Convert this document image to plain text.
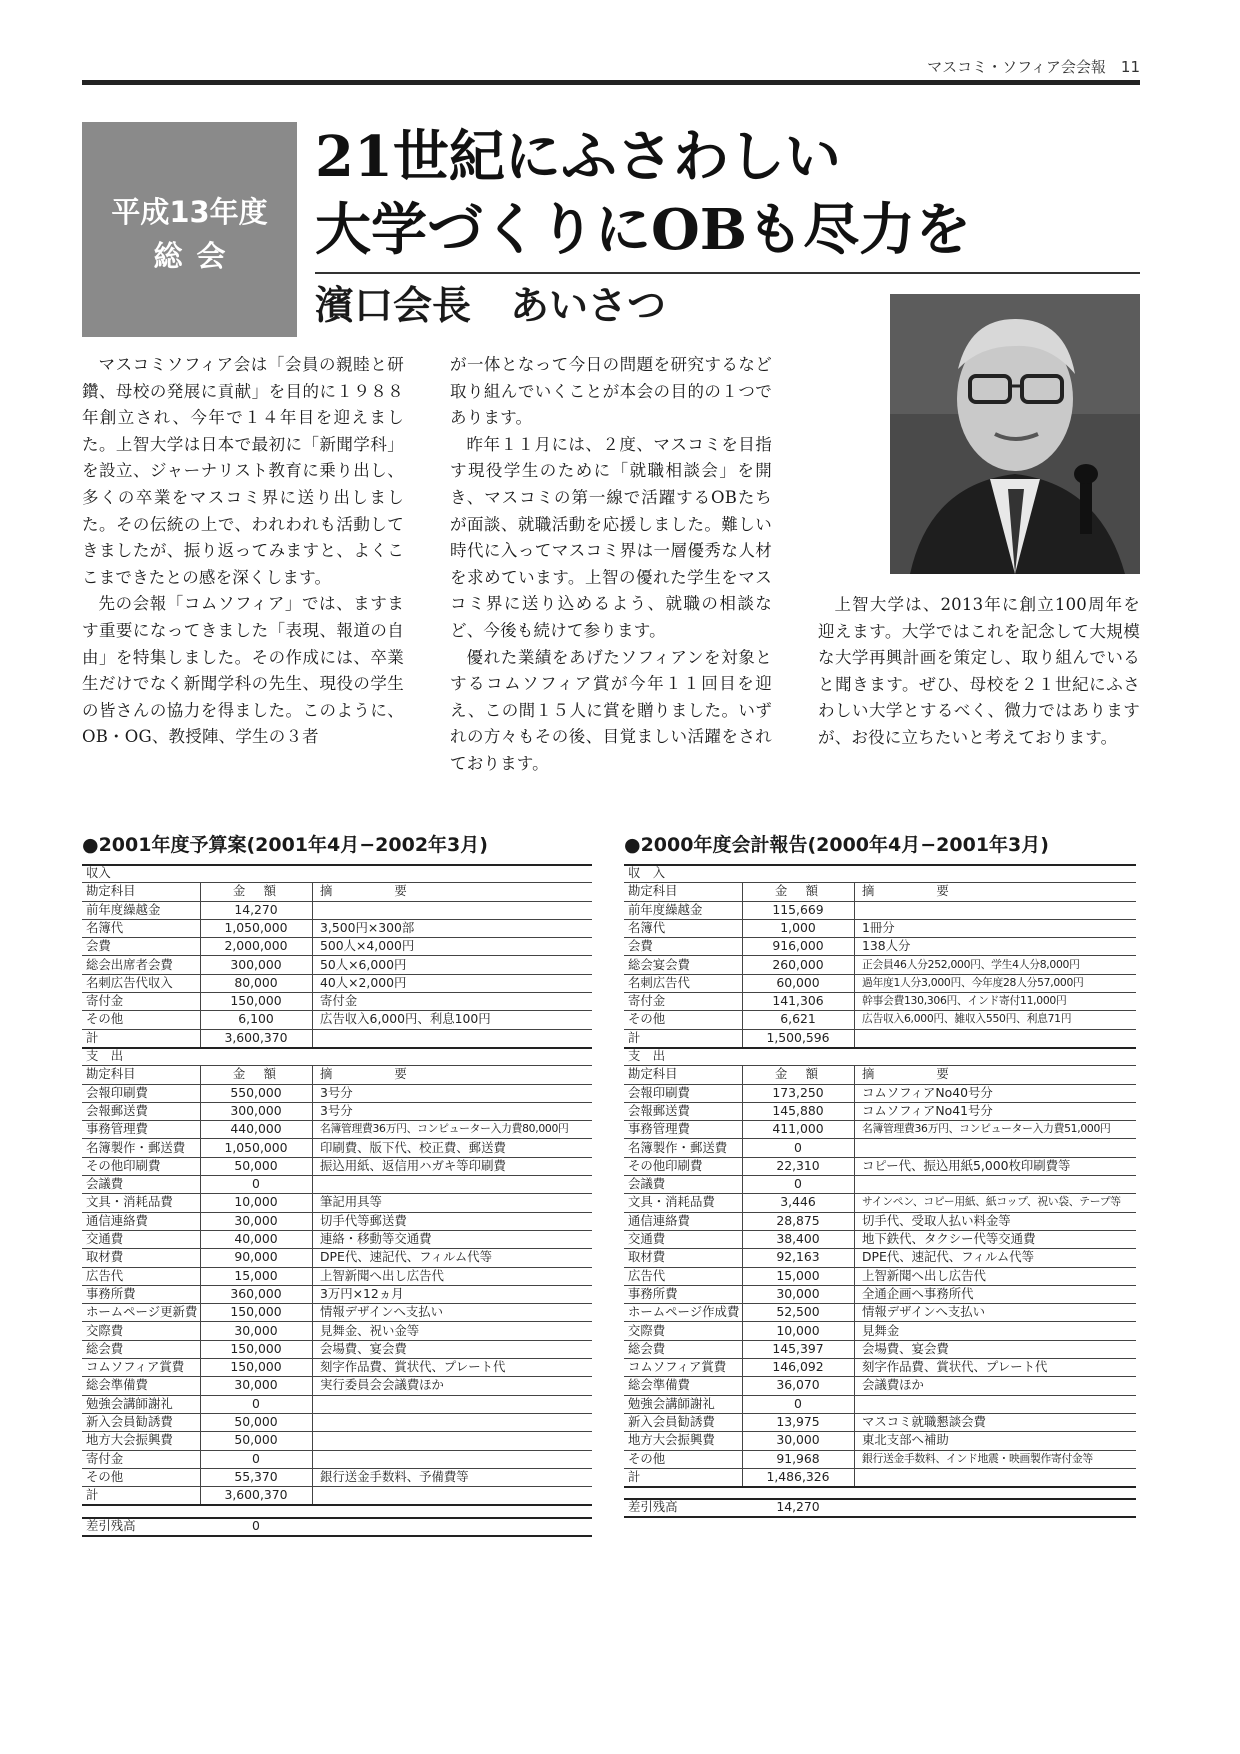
マスコミ・ソフィア会会報　11
平成13年度
総会
21世紀にふさわしい
大学づくりにOBも尽力を
濱口会長　あいさつ

マスコミソフィア会は「会員の親睦と研鑽、母校の発展に貢献」を目的に１９８８年創立され、今年で１４年目を迎えました。上智大学は日本で最初に「新聞学科」を設立、ジャーナリスト教育に乗り出し、多くの卒業をマスコミ界に送り出しました。その伝統の上で、われわれも活動してきましたが、振り返ってみますと、よくここまできたとの感を深くします。

先の会報「コムソフィア」では、ますます重要になってきました「表現、報道の自由」を特集しました。その作成には、卒業生だけでなく新聞学科の先生、現役の学生の皆さんの協力を得ました。このように、OB・OG、教授陣、学生の３者

が一体となって今日の問題を研究するなど取り組んでいくことが本会の目的の１つであります。

昨年１１月には、２度、マスコミを目指す現役学生のために「就職相談会」を開き、マスコミの第一線で活躍するOBたちが面談、就職活動を応援しました。難しい時代に入ってマスコミ界は一層優秀な人材を求めています。上智の優れた学生をマスコミ界に送り込めるよう、就職の相談など、今後も続けて参ります。

優れた業績をあげたソフィアンを対象とするコムソフィア賞が今年１１回目を迎え、この間１５人に賞を贈りました。いずれの方々もその後、目覚ましい活躍をされております。

上智大学は、2013年に創立100周年を迎えます。大学ではこれを記念して大規模な大学再興計画を策定し、取り組んでいると聞きます。ぜひ、母校を２１世紀にふさわしい大学とするべく、微力ではありますが、お役に立ちたいと考えております。

●2001年度予算案(2001年4月−2002年3月)	●2000年度会計報告(2000年4月−2001年3月)
収入
勘定科目	金　額	摘　　　　　要
前年度繰越金	14,270
名簿代	1,050,000	3,500円×300部
会費	2,000,000	500人×4,000円
総会出席者会費	300,000	50人×6,000円
名刺広告代収入	80,000	40人×2,000円
寄付金	150,000	寄付金
その他	6,100	広告収入6,000円、利息100円
計	3,600,370
支　出
勘定科目	金　額	摘　　　　　要
会報印刷費	550,000	3号分
会報郵送費	300,000	3号分
事務管理費	440,000	名簿管理費36万円、コンピューター入力費80,000円
名簿製作・郵送費	1,050,000	印刷費、版下代、校正費、郵送費
その他印刷費	50,000	振込用紙、返信用ハガキ等印刷費
会議費	0
文具・消耗品費	10,000	筆記用具等
通信連絡費	30,000	切手代等郵送費
交通費	40,000	連絡・移動等交通費
取材費	90,000	DPE代、速記代、フィルム代等
広告代	15,000	上智新聞へ出し広告代
事務所費	360,000	3万円×12ヵ月
ホームページ更新費	150,000	情報デザインへ支払い
交際費	30,000	見舞金、祝い金等
総会費	150,000	会場費、宴会費
コムソフィア賞費	150,000	刻字作品費、賞状代、プレート代
総会準備費	30,000	実行委員会会議費ほか
勉強会講師謝礼	0
新入会員勧誘費	50,000
地方大会振興費	50,000
寄付金	0
その他	55,370	銀行送金手数料、予備費等
計	3,600,370
差引残高	0
収　入
勘定科目	金　額	摘　　　　　要
前年度繰越金	115,669
名簿代	1,000	1冊分
会費	916,000	138人分
総会宴会費	260,000	正会員46人分252,000円、学生4人分8,000円
名刺広告代	60,000	過年度1人分3,000円、今年度28人分57,000円
寄付金	141,306	幹事会費130,306円、インド寄付11,000円
その他	6,621	広告収入6,000円、雑収入550円、利息71円
計	1,500,596
支　出
勘定科目	金　額	摘　　　　　要
会報印刷費	173,250	コムソフィアNo40号分
会報郵送費	145,880	コムソフィアNo41号分
事務管理費	411,000	名簿管理費36万円、コンピューター入力費51,000円
名簿製作・郵送費	0
その他印刷費	22,310	コピー代、振込用紙5,000枚印刷費等
会議費	0
文具・消耗品費	3,446	サインペン、コピー用紙、紙コップ、祝い袋、テープ等
通信連絡費	28,875	切手代、受取人払い料金等
交通費	38,400	地下鉄代、タクシー代等交通費
取材費	92,163	DPE代、速記代、フィルム代等
広告代	15,000	上智新聞へ出し広告代
事務所費	30,000	全通企画へ事務所代
ホームページ作成費	52,500	情報デザインへ支払い
交際費	10,000	見舞金
総会費	145,397	会場費、宴会費
コムソフィア賞費	146,092	刻字作品費、賞状代、プレート代
総会準備費	36,070	会議費ほか
勉強会講師謝礼	0
新入会員勧誘費	13,975	マスコミ就職懇談会費
地方大会振興費	30,000	東北支部へ補助
その他	91,968	銀行送金手数料、インド地震・映画製作寄付金等
計	1,486,326
差引残高	14,270
